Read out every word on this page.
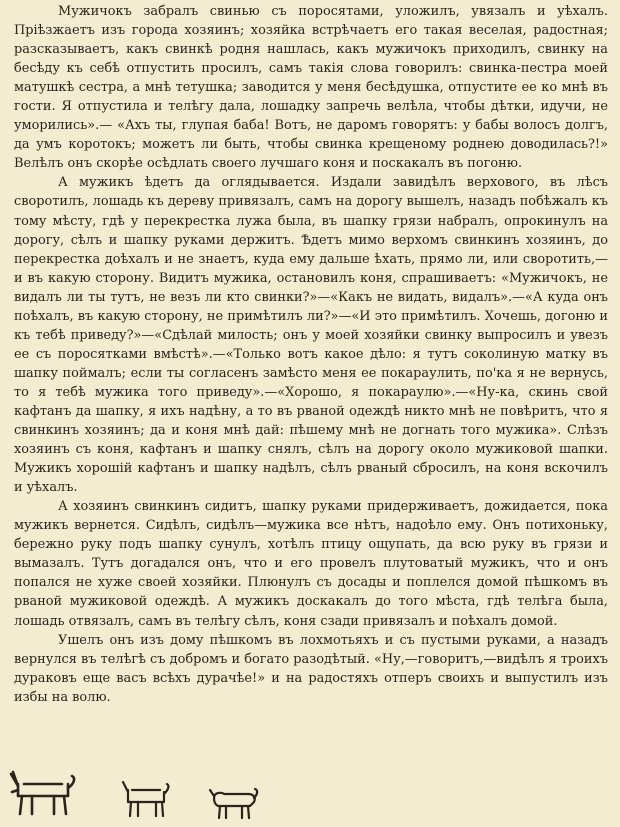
Мужичокъ забралъ свинью съ поросятами, уложилъ, увязалъ и уѣхалъ. Пріѣзжаетъ изъ города хозяинъ; хозяйка встрѣчаетъ его такая веселая, радостная; разсказываетъ, какъ свинкѣ родня нашлась, какъ мужичокъ приходилъ, свинку на бесѣду къ себѣ отпустить просилъ, самъ такія слова говорилъ: свинка-пестра моей матушкѣ сестра, а мнѣ тетушка; заводится у меня бесѣдушка, отпустите ее ко мнѣ въ гости. Я отпустила и телѣгу дала, лошадку запречь велѣла, чтобы дѣтки, идучи, не уморились».— «Ахъ ты, глупая баба! Вотъ, не даромъ говорятъ: у бабы волосъ долгъ, да умъ коротокъ; можетъ ли быть, чтобы свинка крещеному роднею доводилась?!» Велѣлъ онъ скорѣе осѣдлать своего лучшаго коня и поскакалъ въ погоню.

А мужикъ ѣдетъ да оглядывается. Издали завидѣлъ верхового, въ лѣсъ своротилъ, лошадь къ дереву привязалъ, самъ на дорогу вышелъ, назадъ побѣжалъ къ тому мѣсту, гдѣ у перекрестка лужа была, въ шапку грязи набралъ, опрокинулъ на дорогу, сѣлъ и шапку руками держитъ. Ѣдетъ мимо верхомъ свинкинъ хозяинъ, до перекрестка доѣхалъ и не знаетъ, куда ему дальше ѣхать, прямо ли, или своротить,—и въ какую сторону. Видитъ мужика, остановилъ коня, спрашиваетъ: «Мужичокъ, не видалъ ли ты тутъ, не везъ ли кто свинки?»—«Какъ не видать, видалъ».—«А куда онъ поѣхалъ, въ какую сторону, не примѣтилъ ли?»—«И это примѣтилъ. Хочешь, догоню и къ тебѣ приведу?»—«Сдѣлай милость; онъ у моей хозяйки свинку выпросилъ и увезъ ее съ поросятками вмѣстѣ».—«Только вотъ какое дѣло: я тутъ соколиную матку въ шапку поймалъ; если ты согласенъ замѣсто меня ее покараулить, по'ка я не вернусь, то я тебѣ мужика того приведу».—«Хорошо, я покараулю».—«Ну-ка, скинь свой кафтанъ да шапку, я ихъ надѣну, а то въ рваной одеждѣ никто мнѣ не повѣритъ, что я свинкинъ хозяинъ; да и коня мнѣ дай: пѣшему мнѣ не догнать того мужика». Слѣзъ хозяинъ съ коня, кафтанъ и шапку снялъ, сѣлъ на дорогу около мужиковой шапки. Мужикъ хорошій кафтанъ и шапку надѣлъ, сѣлъ рваный сбросилъ, на коня вскочилъ и уѣхалъ.

А хозяинъ свинкинъ сидитъ, шапку руками придерживаетъ, дожидается, пока мужикъ вернется. Сидѣлъ, сидѣлъ—мужика все нѣтъ, надоѣло ему. Онъ потихоньку, бережно руку подъ шапку сунулъ, хотѣлъ птицу ощупать, да всю руку въ грязи и вымазалъ. Тутъ догадался онъ, что и его провелъ плутоватый мужикъ, что и онъ попался не хуже своей хозяйки. Плюнулъ съ досады и поплелся домой пѣшкомъ въ рваной мужиковой одеждѣ. А мужикъ доскакалъ до того мѣста, гдѣ телѣга была, лошадь отвязалъ, самъ въ телѣгу сѣлъ, коня сзади привязалъ и поѣхалъ домой.

Ушелъ онъ изъ дому пѣшкомъ въ лохмотьяхъ и съ пустыми руками, а назадъ вернулся въ телѣгѣ съ добромъ и богато разодѣтый. «Ну,—говоритъ,—видѣлъ я троихъ дураковъ еще васъ всѣхъ дурачѣе!» и на радостяхъ отперъ своихъ и выпустилъ изъ избы на волю.
